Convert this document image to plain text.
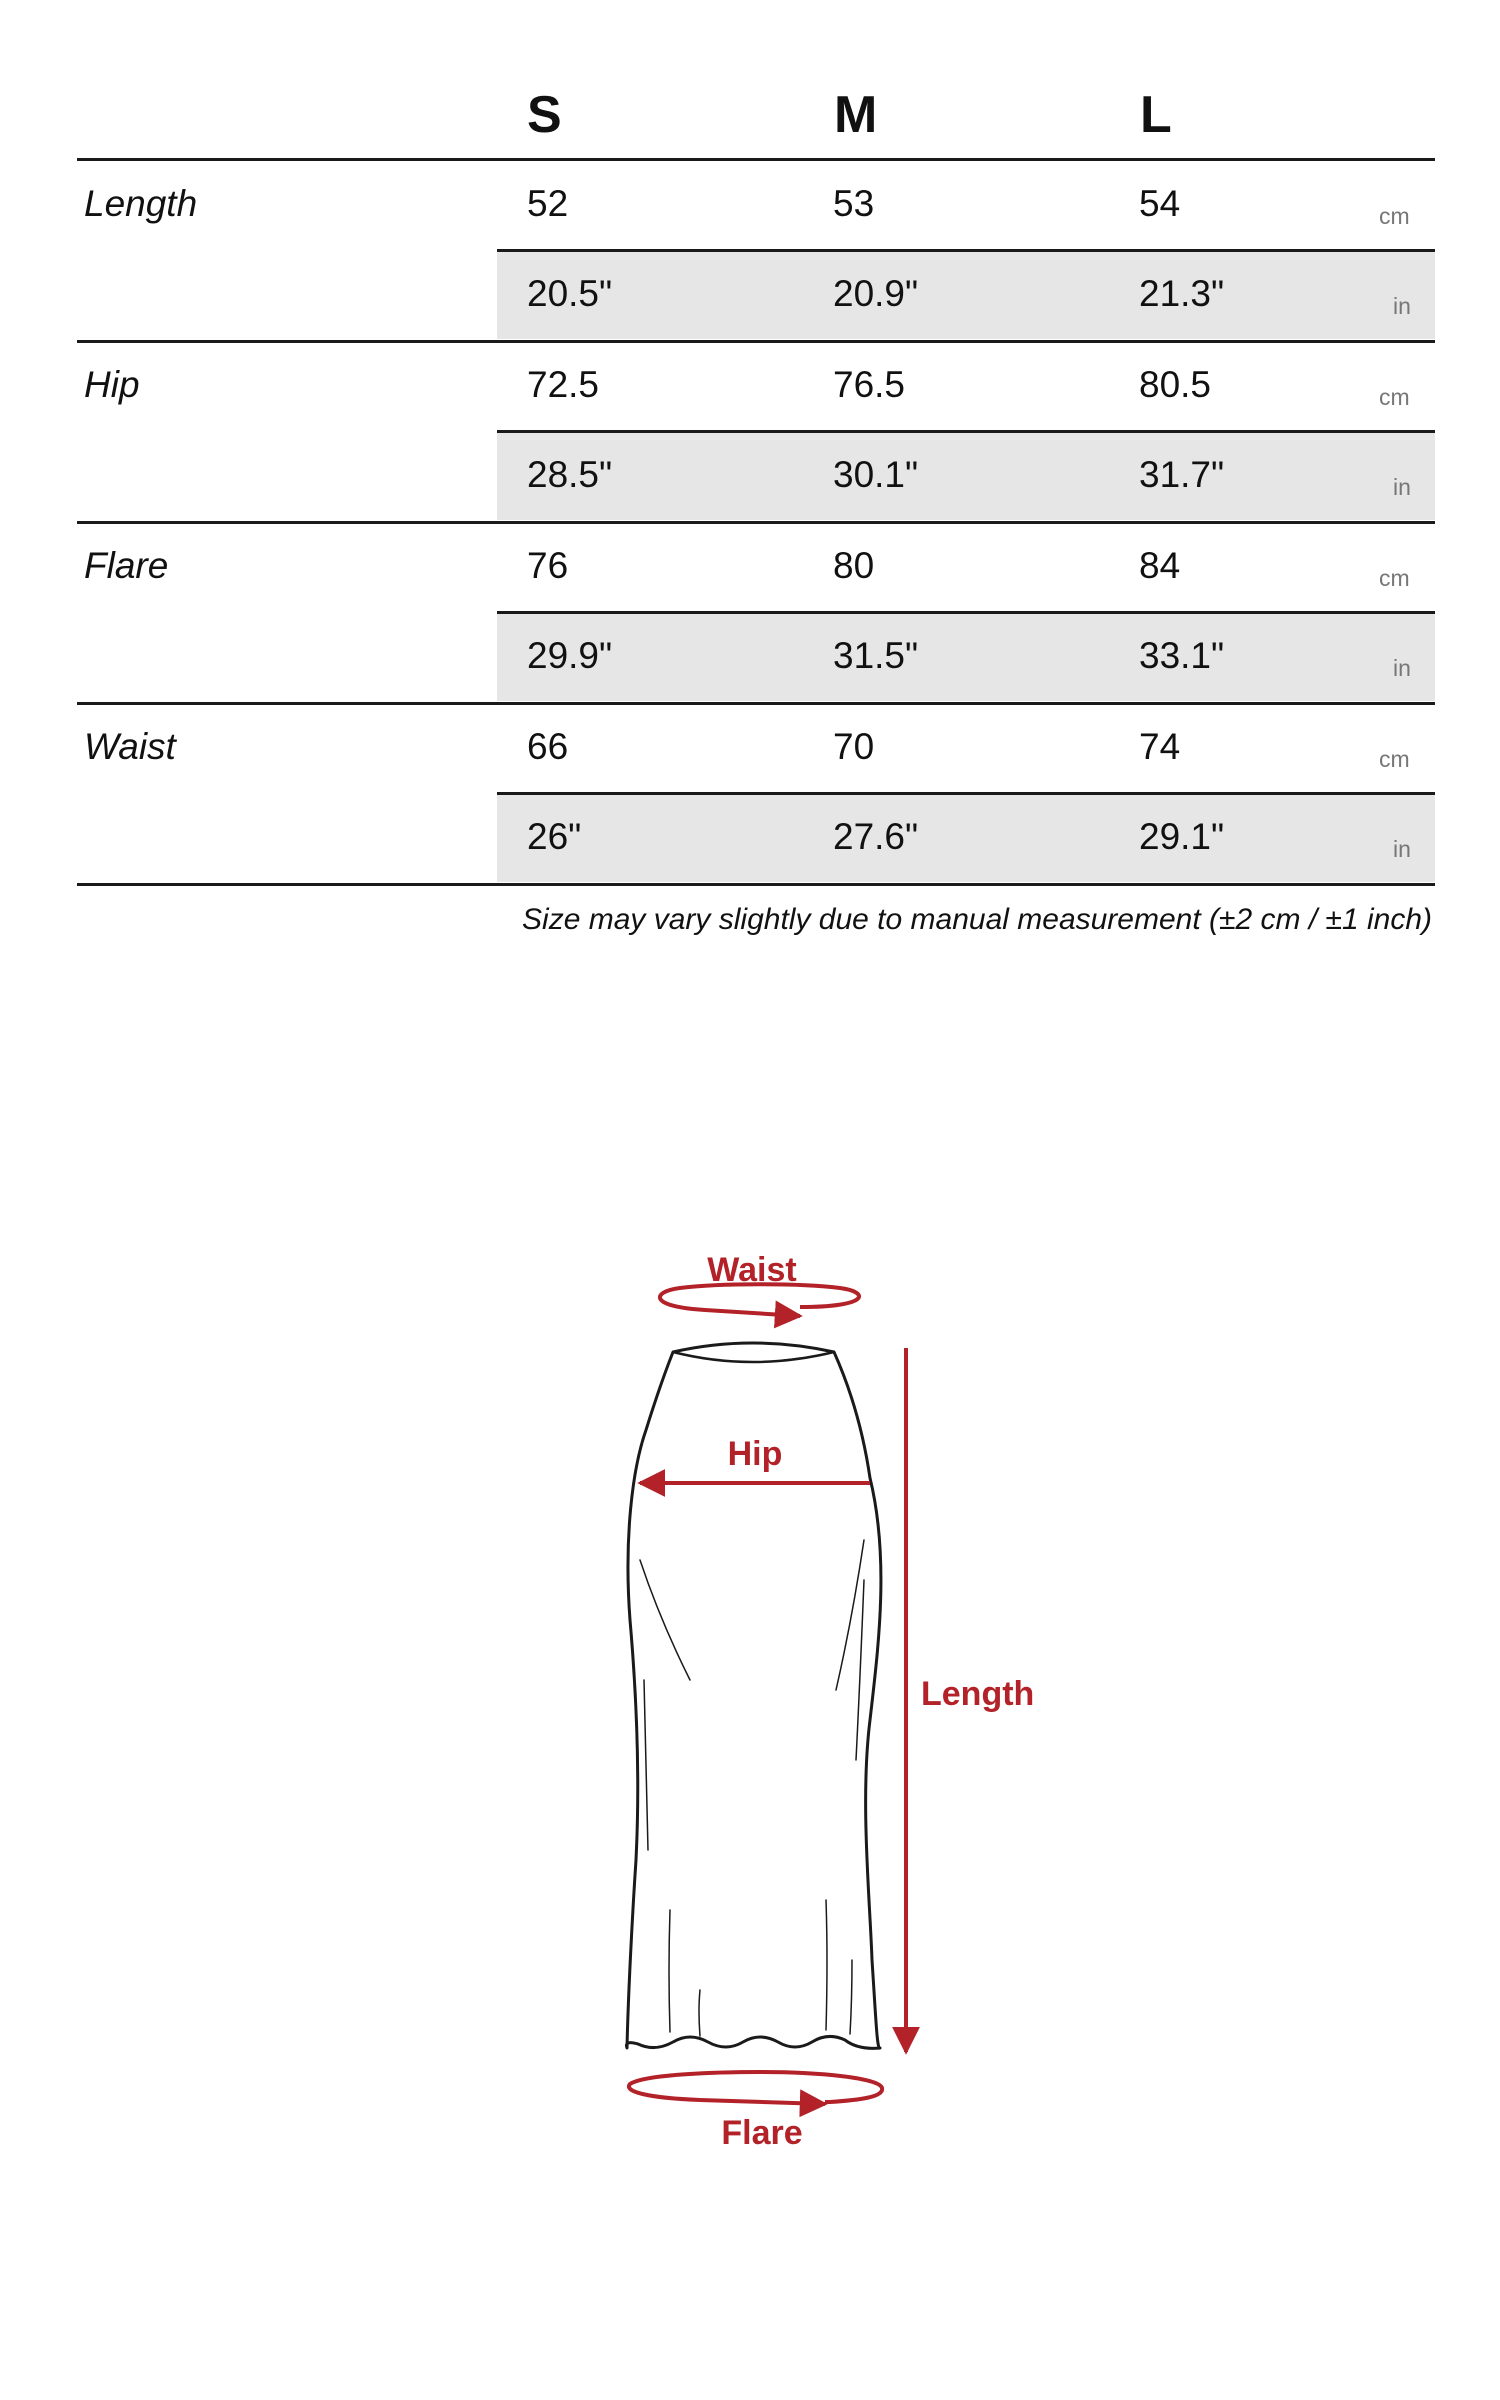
S	M	L
Length	52	53	54	cm
20.5"	20.9"	21.3"	in
Hip	72.5	76.5	80.5	cm
28.5"	30.1"	31.7"	in
Flare	76	80	84	cm
29.9"	31.5"	33.1"	in
Waist	66	70	74	cm
26"	27.6"	29.1"	in
Size may vary slightly due to manual measurement (±2 cm / ±1 inch)
Waist
Hip
Length
Flare
